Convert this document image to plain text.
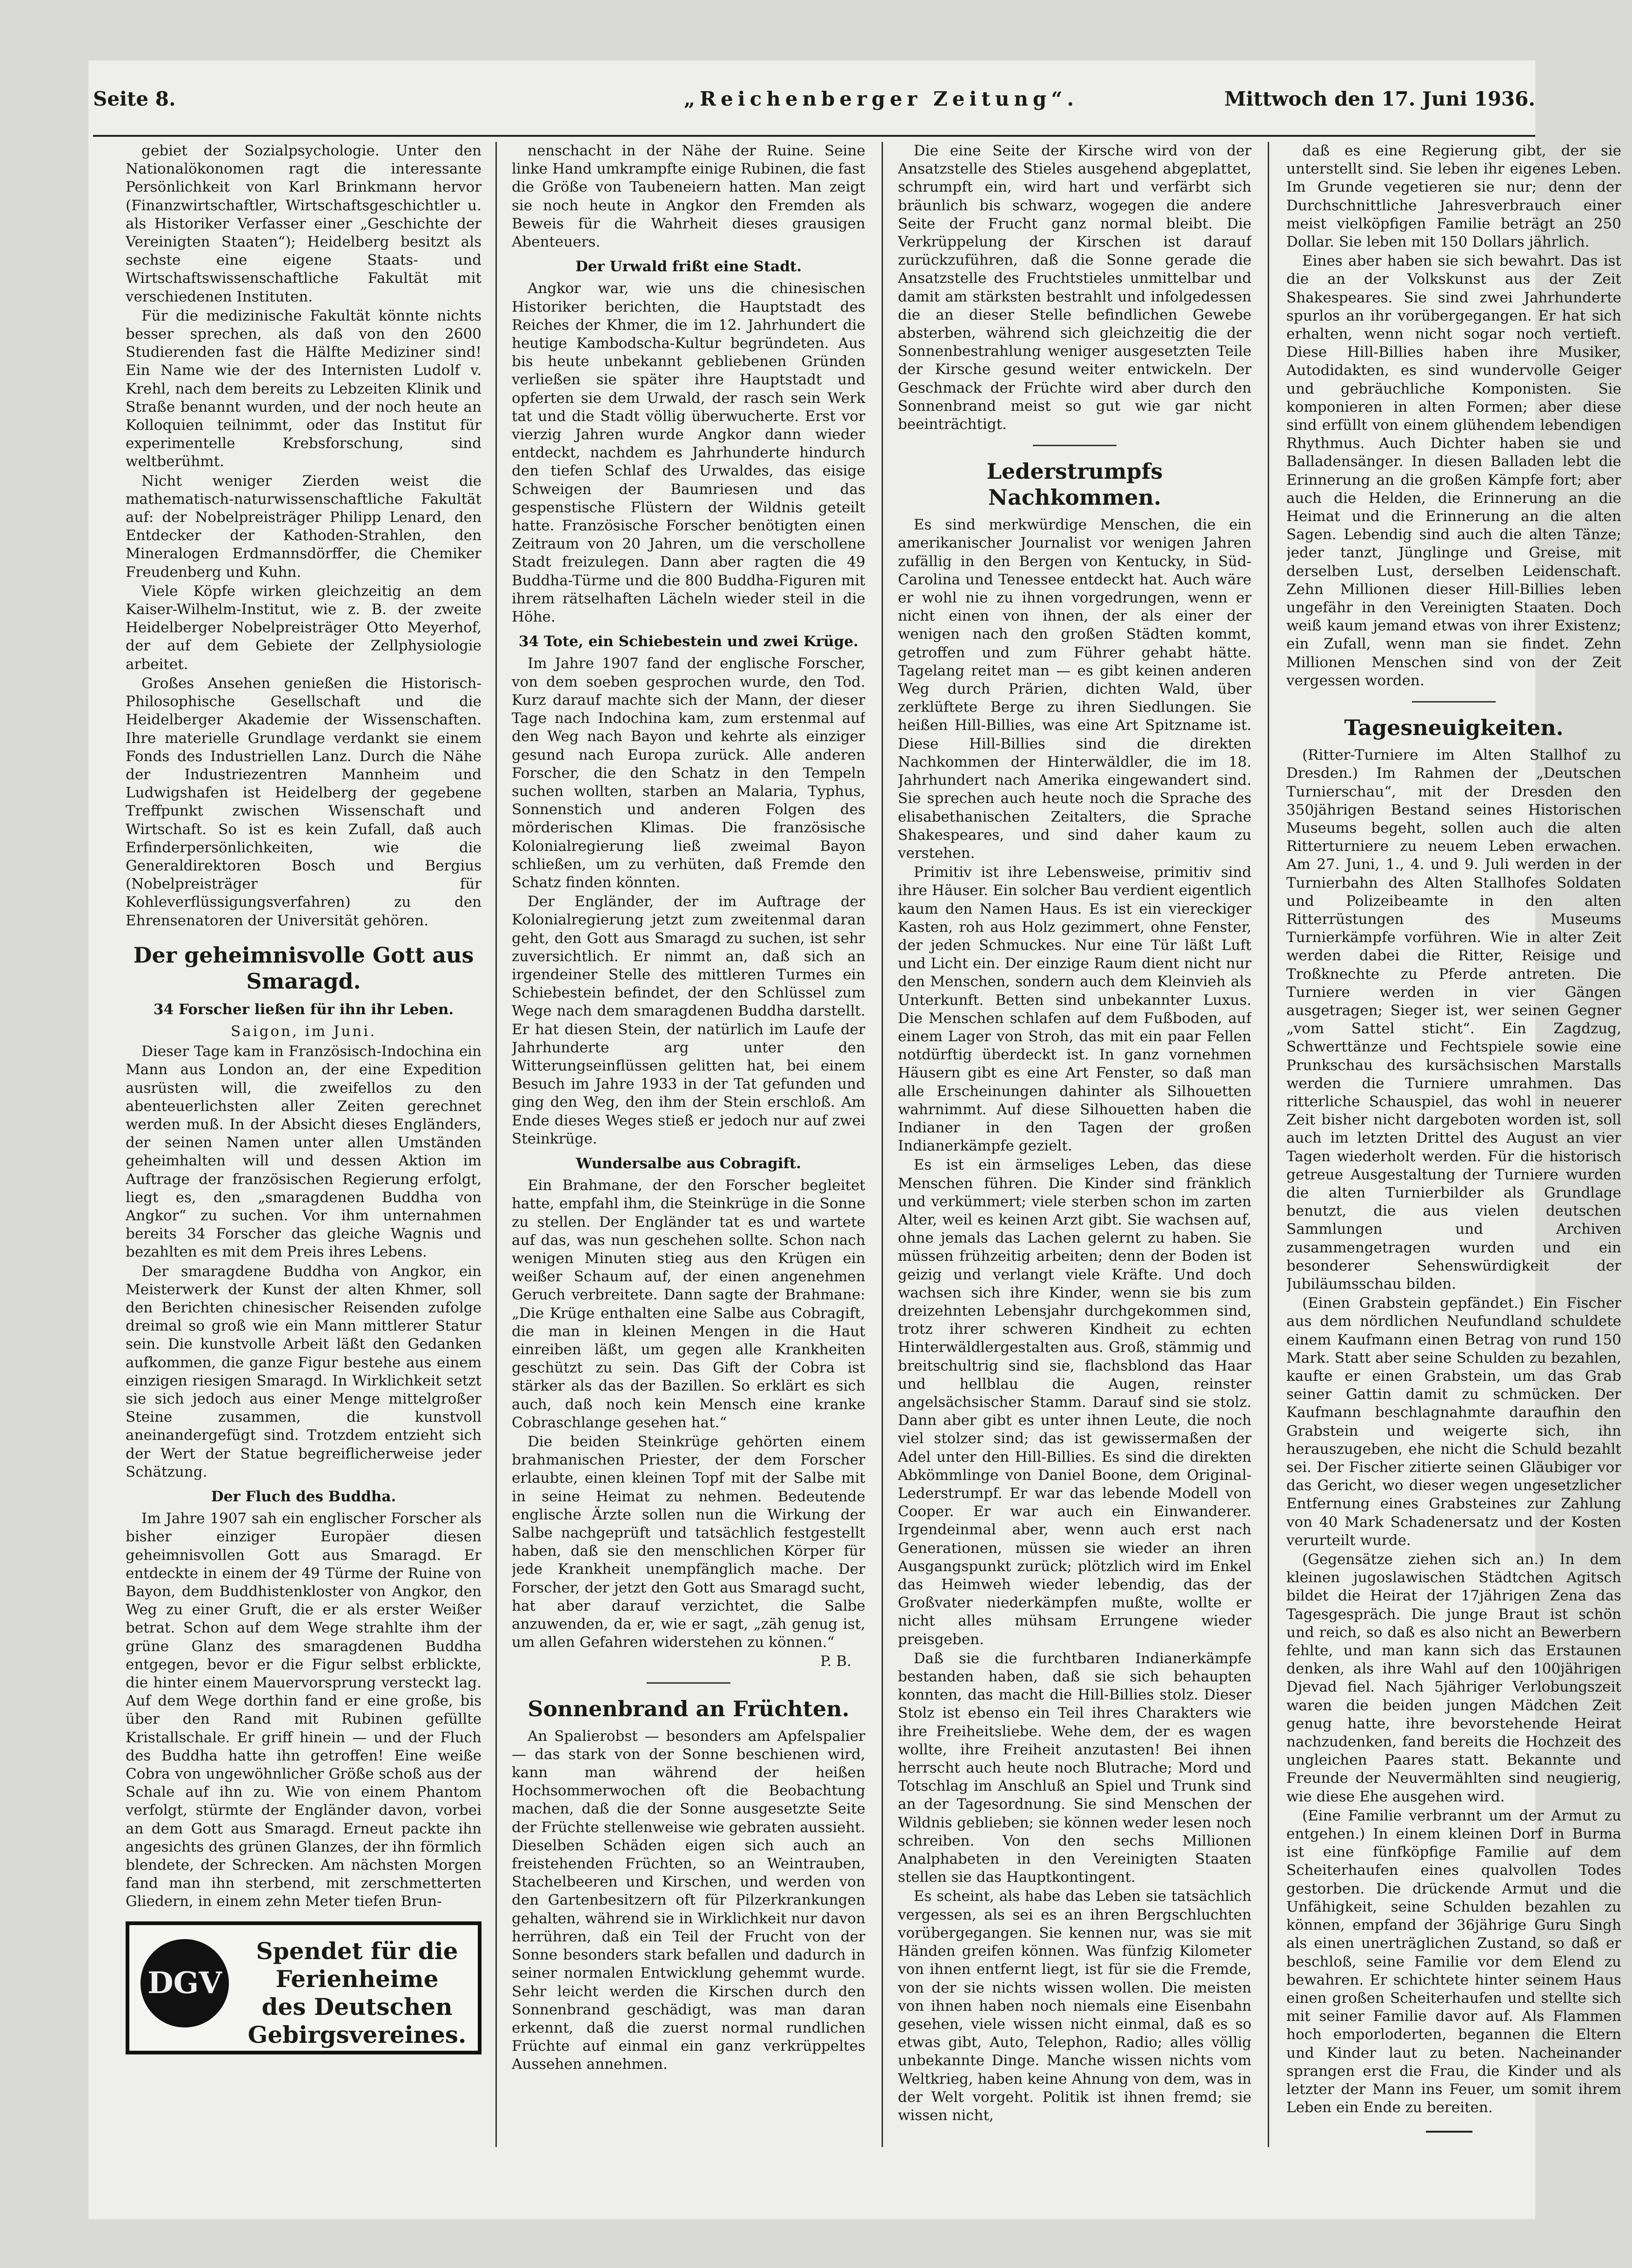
Seite 8.	„Reichenberger Zeitung“.	Mittwoch den 17. Juni 1936.

gebiet der Sozialpsychologie. Unter den Nationalökonomen ragt die interessante Persönlichkeit von Karl Brinkmann hervor (Finanzwirtschaftler, Wirtschaftsgeschichtler u. als Historiker Verfasser einer „Geschichte der Vereinigten Staaten“); Heidelberg besitzt als sechste eine eigene Staats- und Wirtschaftswissenschaftliche Fakultät mit verschiedenen Instituten.

Für die medizinische Fakultät könnte nichts besser sprechen, als daß von den 2600 Studierenden fast die Hälfte Mediziner sind! Ein Name wie der des Internisten Ludolf v. Krehl, nach dem bereits zu Lebzeiten Klinik und Straße benannt wurden, und der noch heute an Kolloquien teilnimmt, oder das Institut für experimentelle Krebsforschung, sind weltberühmt.

Nicht weniger Zierden weist die mathematisch-naturwissenschaftliche Fakultät auf: der Nobelpreisträger Philipp Lenard, den Entdecker der Kathoden-Strahlen, den Mineralogen Erdmannsdörffer, die Chemiker Freudenberg und Kuhn.

Viele Köpfe wirken gleichzeitig an dem Kaiser-Wilhelm-Institut, wie z. B. der zweite Heidelberger Nobelpreisträger Otto Meyerhof, der auf dem Gebiete der Zellphysiologie arbeitet.

Großes Ansehen genießen die Historisch-Philosophische Gesellschaft und die Heidelberger Akademie der Wissenschaften. Ihre materielle Grundlage verdankt sie einem Fonds des Industriellen Lanz. Durch die Nähe der Industriezentren Mannheim und Ludwigshafen ist Heidelberg der gegebene Treffpunkt zwischen Wissenschaft und Wirtschaft. So ist es kein Zufall, daß auch Erfinderpersönlichkeiten, wie die Generaldirektoren Bosch und Bergius (Nobelpreisträger für Kohleverflüssigungsverfahren) zu den Ehrensenatoren der Universität gehören.

Der geheimnisvolle Gott aus Smaragd.
34 Forscher ließen für ihn ihr Leben.
Saigon, im Juni.

Dieser Tage kam in Französisch-Indochina ein Mann aus London an, der eine Expedition ausrüsten will, die zweifellos zu den abenteuerlichsten aller Zeiten gerechnet werden muß. In der Absicht dieses Engländers, der seinen Namen unter allen Umständen geheimhalten will und dessen Aktion im Auftrage der französischen Regierung erfolgt, liegt es, den „smaragdenen Buddha von Angkor“ zu suchen. Vor ihm unternahmen bereits 34 Forscher das gleiche Wagnis und bezahlten es mit dem Preis ihres Lebens.

Der smaragdene Buddha von Angkor, ein Meisterwerk der Kunst der alten Khmer, soll den Berichten chinesischer Reisenden zufolge dreimal so groß wie ein Mann mittlerer Statur sein. Die kunstvolle Arbeit läßt den Gedanken aufkommen, die ganze Figur bestehe aus einem einzigen riesigen Smaragd. In Wirklichkeit setzt sie sich jedoch aus einer Menge mittelgroßer Steine zusammen, die kunstvoll aneinandergefügt sind. Trotzdem entzieht sich der Wert der Statue begreiflicherweise jeder Schätzung.

Der Fluch des Buddha.

Im Jahre 1907 sah ein englischer Forscher als bisher einziger Europäer diesen geheimnisvollen Gott aus Smaragd. Er entdeckte in einem der 49 Türme der Ruine von Bayon, dem Buddhistenkloster von Angkor, den Weg zu einer Gruft, die er als erster Weißer betrat. Schon auf dem Wege strahlte ihm der grüne Glanz des smaragdenen Buddha entgegen, bevor er die Figur selbst erblickte, die hinter einem Mauervorsprung versteckt lag. Auf dem Wege dorthin fand er eine große, bis über den Rand mit Rubinen gefüllte Kristallschale. Er griff hinein — und der Fluch des Buddha hatte ihn getroffen! Eine weiße Cobra von ungewöhnlicher Größe schoß aus der Schale auf ihn zu. Wie von einem Phantom verfolgt, stürmte der Engländer davon, vorbei an dem Gott aus Smaragd. Erneut packte ihn angesichts des grünen Glanzes, der ihn förmlich blendete, der Schrecken. Am nächsten Morgen fand man ihn sterbend, mit zerschmetterten Gliedern, in einem zehn Meter tiefen Brun-

DGV
Spendet für die
Ferienheime
des Deutschen
Gebirgsvereines.

nenschacht in der Nähe der Ruine. Seine linke Hand umkrampfte einige Rubinen, die fast die Größe von Taubeneiern hatten. Man zeigt sie noch heute in Angkor den Fremden als Beweis für die Wahrheit dieses grausigen Abenteuers.

Der Urwald frißt eine Stadt.

Angkor war, wie uns die chinesischen Historiker berichten, die Hauptstadt des Reiches der Khmer, die im 12. Jahrhundert die heutige Kambodscha-Kultur begründeten. Aus bis heute unbekannt gebliebenen Gründen verließen sie später ihre Hauptstadt und opferten sie dem Urwald, der rasch sein Werk tat und die Stadt völlig überwucherte. Erst vor vierzig Jahren wurde Angkor dann wieder entdeckt, nachdem es Jahrhunderte hindurch den tiefen Schlaf des Urwaldes, das eisige Schweigen der Baumriesen und das gespenstische Flüstern der Wildnis geteilt hatte. Französische Forscher benötigten einen Zeitraum von 20 Jahren, um die verschollene Stadt freizulegen. Dann aber ragten die 49 Buddha-Türme und die 800 Buddha-Figuren mit ihrem rätselhaften Lächeln wieder steil in die Höhe.

34 Tote, ein Schiebestein und zwei Krüge.

Im Jahre 1907 fand der englische Forscher, von dem soeben gesprochen wurde, den Tod. Kurz darauf machte sich der Mann, der dieser Tage nach Indochina kam, zum erstenmal auf den Weg nach Bayon und kehrte als einziger gesund nach Europa zurück. Alle anderen Forscher, die den Schatz in den Tempeln suchen wollten, starben an Malaria, Typhus, Sonnenstich und anderen Folgen des mörderischen Klimas. Die französische Kolonialregierung ließ zweimal Bayon schließen, um zu verhüten, daß Fremde den Schatz finden könnten.

Der Engländer, der im Auftrage der Kolonialregierung jetzt zum zweitenmal daran geht, den Gott aus Smaragd zu suchen, ist sehr zuversichtlich. Er nimmt an, daß sich an irgendeiner Stelle des mittleren Turmes ein Schiebestein befindet, der den Schlüssel zum Wege nach dem smaragdenen Buddha darstellt. Er hat diesen Stein, der natürlich im Laufe der Jahrhunderte arg unter den Witterungseinflüssen gelitten hat, bei einem Besuch im Jahre 1933 in der Tat gefunden und ging den Weg, den ihm der Stein erschloß. Am Ende dieses Weges stieß er jedoch nur auf zwei Steinkrüge.

Wundersalbe aus Cobragift.

Ein Brahmane, der den Forscher begleitet hatte, empfahl ihm, die Steinkrüge in die Sonne zu stellen. Der Engländer tat es und wartete auf das, was nun geschehen sollte. Schon nach wenigen Minuten stieg aus den Krügen ein weißer Schaum auf, der einen angenehmen Geruch verbreitete. Dann sagte der Brahmane: „Die Krüge enthalten eine Salbe aus Cobragift, die man in kleinen Mengen in die Haut einreiben läßt, um gegen alle Krankheiten geschützt zu sein. Das Gift der Cobra ist stärker als das der Bazillen. So erklärt es sich auch, daß noch kein Mensch eine kranke Cobraschlange gesehen hat.“

Die beiden Steinkrüge gehörten einem brahmanischen Priester, der dem Forscher erlaubte, einen kleinen Topf mit der Salbe mit in seine Heimat zu nehmen. Bedeutende englische Ärzte sollen nun die Wirkung der Salbe nachgeprüft und tatsächlich festgestellt haben, daß sie den menschlichen Körper für jede Krankheit unempfänglich mache. Der Forscher, der jetzt den Gott aus Smaragd sucht, hat aber darauf verzichtet, die Salbe anzuwenden, da er, wie er sagt, „zäh genug ist, um allen Gefahren widerstehen zu können.“

P. B.
Sonnenbrand an Früchten.

An Spalierobst — besonders am Apfelspalier — das stark von der Sonne beschienen wird, kann man während der heißen Hochsommerwochen oft die Beobachtung machen, daß die der Sonne ausgesetzte Seite der Früchte stellenweise wie gebraten aussieht. Dieselben Schäden eigen sich auch an freistehenden Früchten, so an Weintrauben, Stachelbeeren und Kirschen, und werden von den Gartenbesitzern oft für Pilzerkrankungen gehalten, während sie in Wirklichkeit nur davon herrühren, daß ein Teil der Frucht von der Sonne besonders stark befallen und dadurch in seiner normalen Entwicklung gehemmt wurde. Sehr leicht werden die Kirschen durch den Sonnenbrand geschädigt, was man daran erkennt, daß die zuerst normal rundlichen Früchte auf einmal ein ganz verkrüppeltes Aussehen annehmen.

Die eine Seite der Kirsche wird von der Ansatzstelle des Stieles ausgehend abgeplattet, schrumpft ein, wird hart und verfärbt sich bräunlich bis schwarz, wogegen die andere Seite der Frucht ganz normal bleibt. Die Verkrüppelung der Kirschen ist darauf zurückzuführen, daß die Sonne gerade die Ansatzstelle des Fruchtstieles unmittelbar und damit am stärksten bestrahlt und infolgedessen die an dieser Stelle befindlichen Gewebe absterben, während sich gleichzeitig die der Sonnenbestrahlung weniger ausgesetzten Teile der Kirsche gesund weiter entwickeln. Der Geschmack der Früchte wird aber durch den Sonnenbrand meist so gut wie gar nicht beeinträchtigt.

Lederstrumpfs Nachkommen.

Es sind merkwürdige Menschen, die ein amerikanischer Journalist vor wenigen Jahren zufällig in den Bergen von Kentucky, in Süd-Carolina und Tenessee entdeckt hat. Auch wäre er wohl nie zu ihnen vorgedrungen, wenn er nicht einen von ihnen, der als einer der wenigen nach den großen Städten kommt, getroffen und zum Führer gehabt hätte. Tagelang reitet man — es gibt keinen anderen Weg durch Prärien, dichten Wald, über zerklüftete Berge zu ihren Siedlungen. Sie heißen Hill-Billies, was eine Art Spitzname ist. Diese Hill-Billies sind die direkten Nachkommen der Hinterwäldler, die im 18. Jahrhundert nach Amerika eingewandert sind. Sie sprechen auch heute noch die Sprache des elisabethanischen Zeitalters, die Sprache Shakespeares, und sind daher kaum zu verstehen.

Primitiv ist ihre Lebensweise, primitiv sind ihre Häuser. Ein solcher Bau verdient eigentlich kaum den Namen Haus. Es ist ein viereckiger Kasten, roh aus Holz gezimmert, ohne Fenster, der jeden Schmuckes. Nur eine Tür läßt Luft und Licht ein. Der einzige Raum dient nicht nur den Menschen, sondern auch dem Kleinvieh als Unterkunft. Betten sind unbekannter Luxus. Die Menschen schlafen auf dem Fußboden, auf einem Lager von Stroh, das mit ein paar Fellen notdürftig überdeckt ist. In ganz vornehmen Häusern gibt es eine Art Fenster, so daß man alle Erscheinungen dahinter als Silhouetten wahrnimmt. Auf diese Silhouetten haben die Indianer in den Tagen der großen Indianerkämpfe gezielt.

Es ist ein ärmseliges Leben, das diese Menschen führen. Die Kinder sind fränklich und verkümmert; viele sterben schon im zarten Alter, weil es keinen Arzt gibt. Sie wachsen auf, ohne jemals das Lachen gelernt zu haben. Sie müssen frühzeitig arbeiten; denn der Boden ist geizig und verlangt viele Kräfte. Und doch wachsen sich ihre Kinder, wenn sie bis zum dreizehnten Lebensjahr durchgekommen sind, trotz ihrer schweren Kindheit zu echten Hinterwäldlergestalten aus. Groß, stämmig und breitschultrig sind sie, flachsblond das Haar und hellblau die Augen, reinster angelsächsischer Stamm. Darauf sind sie stolz. Dann aber gibt es unter ihnen Leute, die noch viel stolzer sind; das ist gewissermaßen der Adel unter den Hill-Billies. Es sind die direkten Abkömmlinge von Daniel Boone, dem Original-Lederstrumpf. Er war das lebende Modell von Cooper. Er war auch ein Einwanderer. Irgendeinmal aber, wenn auch erst nach Generationen, müssen sie wieder an ihren Ausgangspunkt zurück; plötzlich wird im Enkel das Heimweh wieder lebendig, das der Großvater niederkämpfen mußte, wollte er nicht alles mühsam Errungene wieder preisgeben.

Daß sie die furchtbaren Indianerkämpfe bestanden haben, daß sie sich behaupten konnten, das macht die Hill-Billies stolz. Dieser Stolz ist ebenso ein Teil ihres Charakters wie ihre Freiheitsliebe. Wehe dem, der es wagen wollte, ihre Freiheit anzutasten! Bei ihnen herrscht auch heute noch Blutrache; Mord und Totschlag im Anschluß an Spiel und Trunk sind an der Tagesordnung. Sie sind Menschen der Wildnis geblieben; sie können weder lesen noch schreiben. Von den sechs Millionen Analphabeten in den Vereinigten Staaten stellen sie das Hauptkontingent.

Es scheint, als habe das Leben sie tatsächlich vergessen, als sei es an ihren Bergschluchten vorübergegangen. Sie kennen nur, was sie mit Händen greifen können. Was fünfzig Kilometer von ihnen entfernt liegt, ist für sie die Fremde, von der sie nichts wissen wollen. Die meisten von ihnen haben noch niemals eine Eisenbahn gesehen, viele wissen nicht einmal, daß es so etwas gibt, Auto, Telephon, Radio; alles völlig unbekannte Dinge. Manche wissen nichts vom Weltkrieg, haben keine Ahnung von dem, was in der Welt vorgeht. Politik ist ihnen fremd; sie wissen nicht,

daß es eine Regierung gibt, der sie unterstellt sind. Sie leben ihr eigenes Leben. Im Grunde vegetieren sie nur; denn der Durchschnittliche Jahresverbrauch einer meist vielköpfigen Familie beträgt an 250 Dollar. Sie leben mit 150 Dollars jährlich.

Eines aber haben sie sich bewahrt. Das ist die an der Volkskunst aus der Zeit Shakespeares. Sie sind zwei Jahrhunderte spurlos an ihr vorübergegangen. Er hat sich erhalten, wenn nicht sogar noch vertieft. Diese Hill-Billies haben ihre Musiker, Autodidakten, es sind wundervolle Geiger und gebräuchliche Komponisten. Sie komponieren in alten Formen; aber diese sind erfüllt von einem glühendem lebendigen Rhythmus. Auch Dichter haben sie und Balladensänger. In diesen Balladen lebt die Erinnerung an die großen Kämpfe fort; aber auch die Helden, die Erinnerung an die Heimat und die Erinnerung an die alten Sagen. Lebendig sind auch die alten Tänze; jeder tanzt, Jünglinge und Greise, mit derselben Lust, derselben Leidenschaft. Zehn Millionen dieser Hill-Billies leben ungefähr in den Vereinigten Staaten. Doch weiß kaum jemand etwas von ihrer Existenz; ein Zufall, wenn man sie findet. Zehn Millionen Menschen sind von der Zeit vergessen worden.

Tagesneuigkeiten.

(Ritter-Turniere im Alten Stallhof zu Dresden.) Im Rahmen der „Deutschen Turnierschau“, mit der Dresden den 350jährigen Bestand seines Historischen Museums begeht, sollen auch die alten Ritterturniere zu neuem Leben erwachen. Am 27. Juni, 1., 4. und 9. Juli werden in der Turnierbahn des Alten Stallhofes Soldaten und Polizeibeamte in den alten Ritterrüstungen des Museums Turnierkämpfe vorführen. Wie in alter Zeit werden dabei die Ritter, Reisige und Troßknechte zu Pferde antreten. Die Turniere werden in vier Gängen ausgetragen; Sieger ist, wer seinen Gegner „vom Sattel sticht“. Ein Zagdzug, Schwerttänze und Fechtspiele sowie eine Prunkschau des kursächsischen Marstalls werden die Turniere umrahmen. Das ritterliche Schauspiel, das wohl in neuerer Zeit bisher nicht dargeboten worden ist, soll auch im letzten Drittel des August an vier Tagen wiederholt werden. Für die historisch getreue Ausgestaltung der Turniere wurden die alten Turnierbilder als Grundlage benutzt, die aus vielen deutschen Sammlungen und Archiven zusammengetragen wurden und ein besonderer Sehenswürdigkeit der Jubiläumsschau bilden.

(Einen Grabstein gepfändet.) Ein Fischer aus dem nördlichen Neufundland schuldete einem Kaufmann einen Betrag von rund 150 Mark. Statt aber seine Schulden zu bezahlen, kaufte er einen Grabstein, um das Grab seiner Gattin damit zu schmücken. Der Kaufmann beschlagnahmte daraufhin den Grabstein und weigerte sich, ihn herauszugeben, ehe nicht die Schuld bezahlt sei. Der Fischer zitierte seinen Gläubiger vor das Gericht, wo dieser wegen ungesetzlicher Entfernung eines Grabsteines zur Zahlung von 40 Mark Schadenersatz und der Kosten verurteilt wurde.

(Gegensätze ziehen sich an.) In dem kleinen jugoslawischen Städtchen Agitsch bildet die Heirat der 17jährigen Zena das Tagesgespräch. Die junge Braut ist schön und reich, so daß es also nicht an Bewerbern fehlte, und man kann sich das Erstaunen denken, als ihre Wahl auf den 100jährigen Djevad fiel. Nach 5jähriger Verlobungszeit waren die beiden jungen Mädchen Zeit genug hatte, ihre bevorstehende Heirat nachzudenken, fand bereits die Hochzeit des ungleichen Paares statt. Bekannte und Freunde der Neuvermählten sind neugierig, wie diese Ehe ausgehen wird.

(Eine Familie verbrannt um der Armut zu entgehen.) In einem kleinen Dorf in Burma ist eine fünfköpfige Familie auf dem Scheiterhaufen eines qualvollen Todes gestorben. Die drückende Armut und die Unfähigkeit, seine Schulden bezahlen zu können, empfand der 36jährige Guru Singh als einen unerträglichen Zustand, so daß er beschloß, seine Familie vor dem Elend zu bewahren. Er schichtete hinter seinem Haus einen großen Scheiterhaufen und stellte sich mit seiner Familie davor auf. Als Flammen hoch emporloderten, begannen die Eltern und Kinder laut zu beten. Nacheinander sprangen erst die Frau, die Kinder und als letzter der Mann ins Feuer, um somit ihrem Leben ein Ende zu bereiten.
